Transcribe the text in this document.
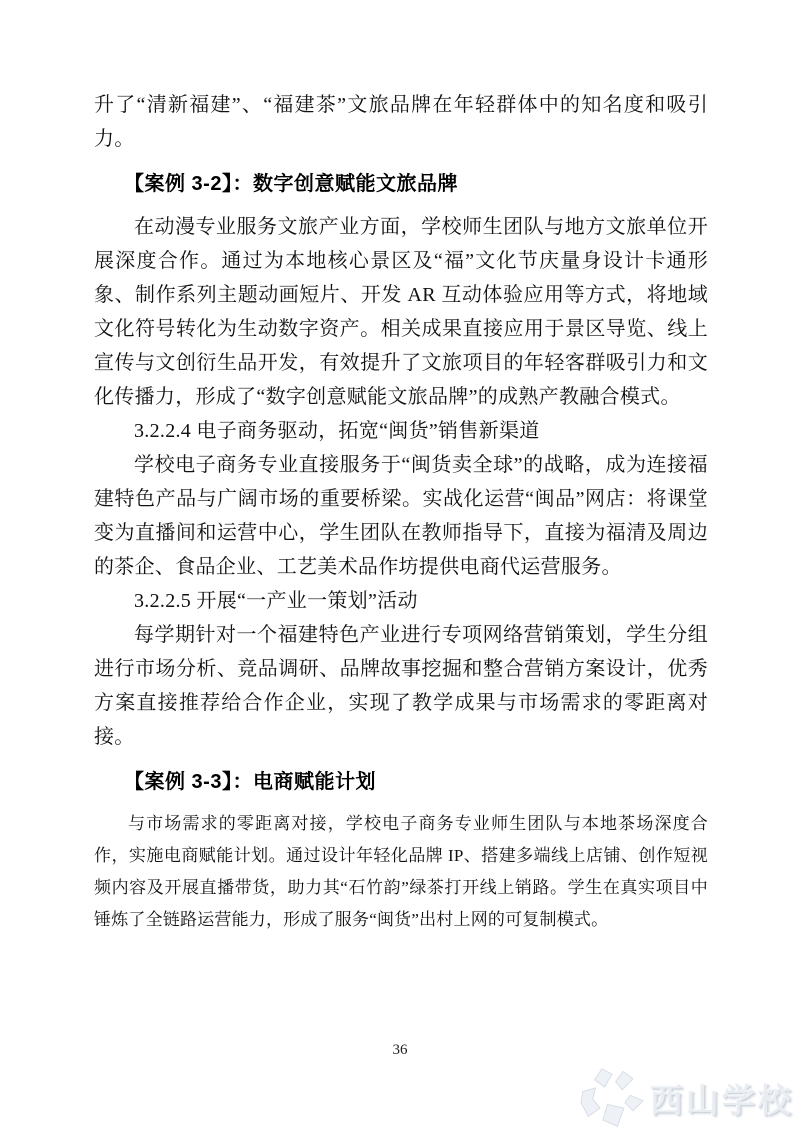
升了“清新福建”、“福建茶”文旅品牌在年轻群体中的知名度和吸引力。

【案例 3-2】：数字创意赋能文旅品牌

在动漫专业服务文旅产业方面，学校师生团队与地方文旅单位开展深度合作。通过为本地核心景区及“福”文化节庆量身设计卡通形象、制作系列主题动画短片、开发 AR 互动体验应用等方式，将地域文化符号转化为生动数字资产。相关成果直接应用于景区导览、线上宣传与文创衍生品开发，有效提升了文旅项目的年轻客群吸引力和文化传播力，形成了“数字创意赋能文旅品牌”的成熟产教融合模式。

3.2.2.4 电子商务驱动，拓宽“闽货”销售新渠道

学校电子商务专业直接服务于“闽货卖全球”的战略，成为连接福建特色产品与广阔市场的重要桥梁。实战化运营“闽品”网店：将课堂变为直播间和运营中心，学生团队在教师指导下，直接为福清及周边的茶企、食品企业、工艺美术品作坊提供电商代运营服务。

3.2.2.5 开展“一产业一策划”活动

每学期针对一个福建特色产业进行专项网络营销策划，学生分组进行市场分析、竞品调研、品牌故事挖掘和整合营销方案设计，优秀方案直接推荐给合作企业，实现了教学成果与市场需求的零距离对接。

【案例 3-3】：电商赋能计划

与市场需求的零距离对接，学校电子商务专业师生团队与本地茶场深度合作，实施电商赋能计划。通过设计年轻化品牌 IP、搭建多端线上店铺、创作短视频内容及开展直播带货，助力其“石竹韵”绿茶打开线上销路。学生在真实项目中锤炼了全链路运营能力，形成了服务“闽货”出村上网的可复制模式。

36
西山学校
